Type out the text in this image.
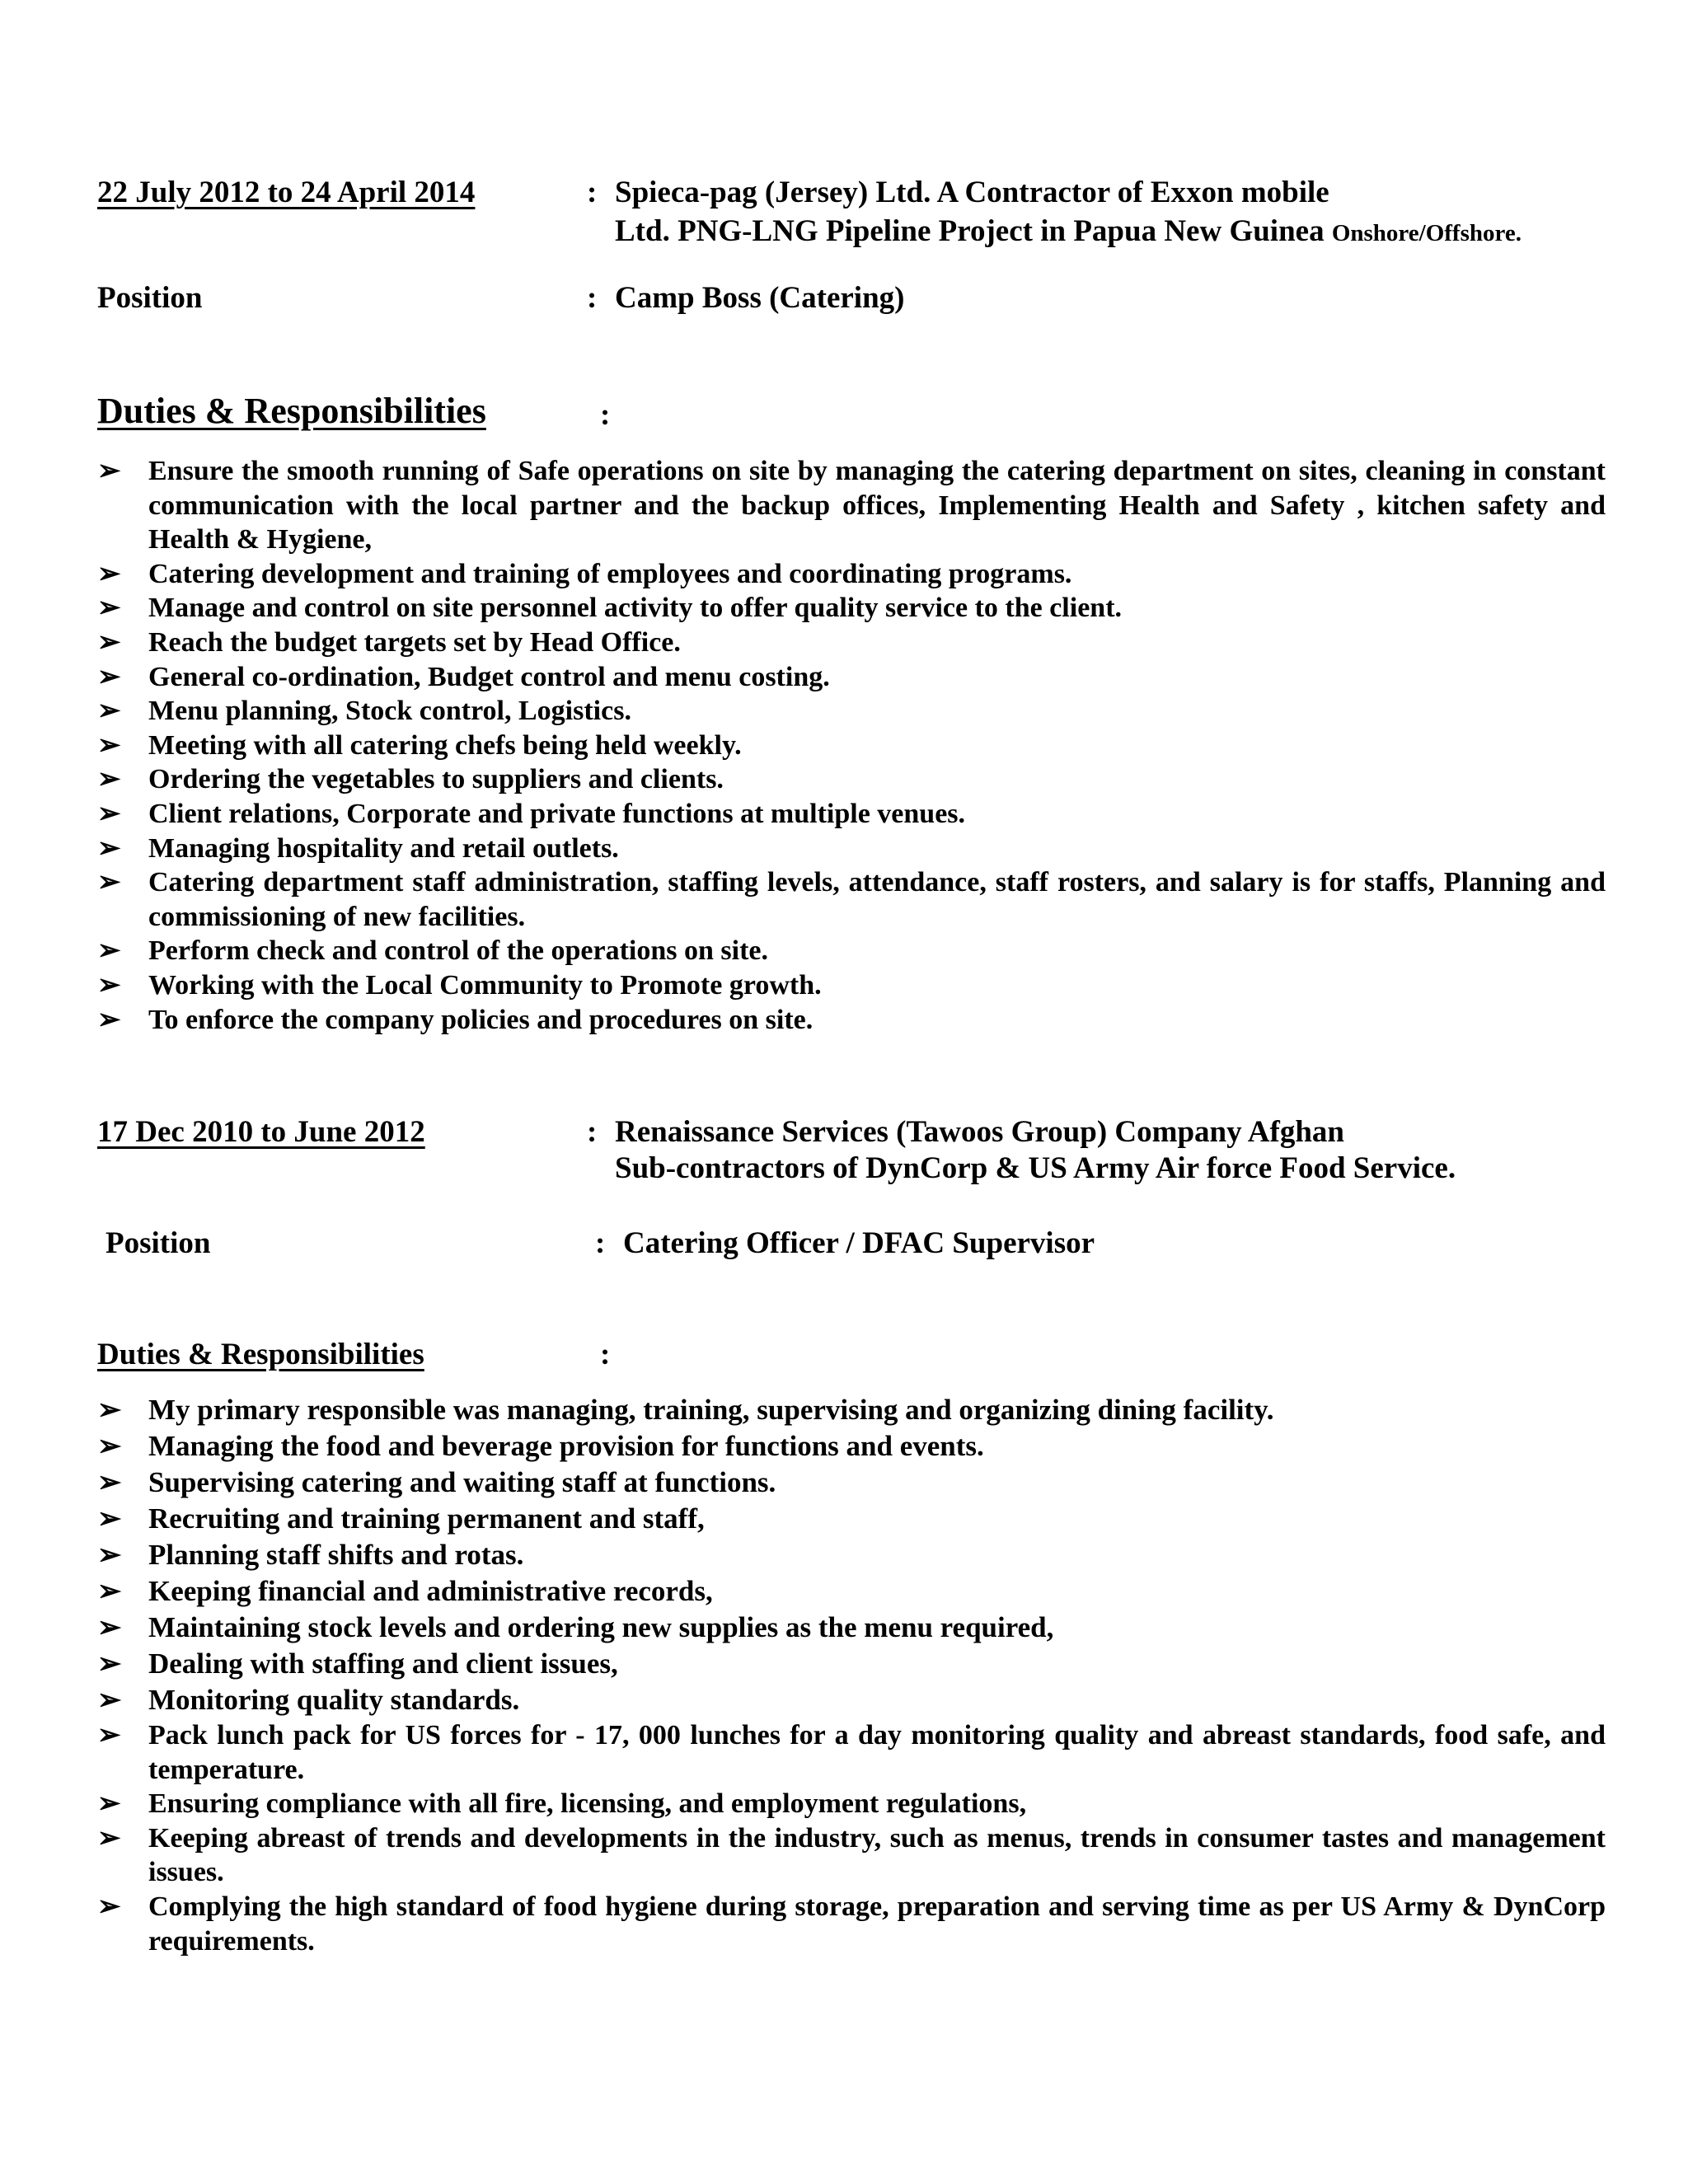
22 July 2012 to 24 April 2014	: Spieca-pag (Jersey) Ltd. A Contractor of Exxon mobile
Ltd. PNG-LNG Pipeline Project in Papua New Guinea Onshore/Offshore.
Position	: Camp Boss (Catering)
Duties & Responsibilities	:
➢ Ensure the smooth running of Safe operations on site by managing the catering department on sites, cleaning in constant communication with the local partner and the backup offices, Implementing Health and Safety , kitchen safety and Health & Hygiene,
➢ Catering development and training of employees and coordinating programs.
➢ Manage and control on site personnel activity to offer quality service to the client.
➢ Reach the budget targets set by Head Office.
➢ General co-ordination, Budget control and menu costing.
➢ Menu planning, Stock control, Logistics.
➢ Meeting with all catering chefs being held weekly.
➢ Ordering the vegetables to suppliers and clients.
➢ Client relations, Corporate and private functions at multiple venues.
➢ Managing hospitality and retail outlets.
➢ Catering department staff administration, staffing levels, attendance, staff rosters, and salary is for staffs, Planning and commissioning of new facilities.
➢ Perform check and control of the operations on site.
➢ Working with the Local Community to Promote growth.
➢ To enforce the company policies and procedures on site.
17 Dec 2010 to June 2012	: Renaissance Services (Tawoos Group) Company Afghan
Sub-contractors of DynCorp & US Army Air force Food Service.
Position	: Catering Officer / DFAC Supervisor
Duties & Responsibilities	:
➢ My primary responsible was managing, training, supervising and organizing dining facility.
➢ Managing the food and beverage provision for functions and events.
➢ Supervising catering and waiting staff at functions.
➢ Recruiting and training permanent and staff,
➢ Planning staff shifts and rotas.
➢ Keeping financial and administrative records,
➢ Maintaining stock levels and ordering new supplies as the menu required,
➢ Dealing with staffing and client issues,
➢ Monitoring quality standards.
➢ Pack lunch pack for US forces for - 17, 000 lunches for a day monitoring quality and abreast standards, food safe, and temperature.
➢ Ensuring compliance with all fire, licensing, and employment regulations,
➢ Keeping abreast of trends and developments in the industry, such as menus, trends in consumer tastes and management issues.
➢ Complying the high standard of food hygiene during storage, preparation and serving time as per US Army & DynCorp requirements.
